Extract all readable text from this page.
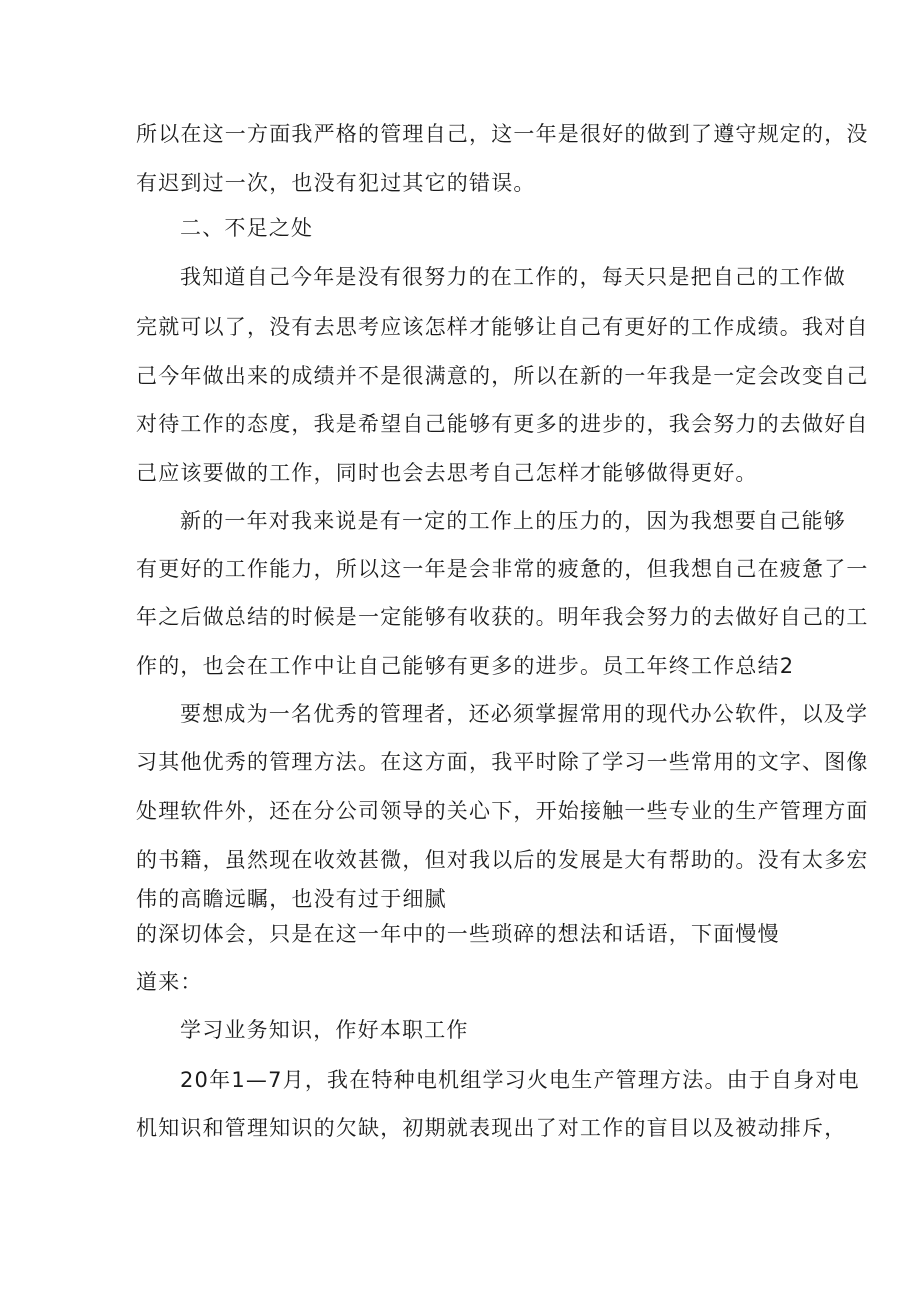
所以在这一方面我严格的管理自己，这一年是很好的做到了遵守规定的，没
有迟到过一次，也没有犯过其它的错误。
二、不足之处
我知道自己今年是没有很努力的在工作的，每天只是把自己的工作做
完就可以了，没有去思考应该怎样才能够让自己有更好的工作成绩。我对自
己今年做出来的成绩并不是很满意的，所以在新的一年我是一定会改变自己
对待工作的态度，我是希望自己能够有更多的进步的，我会努力的去做好自
己应该要做的工作，同时也会去思考自己怎样才能够做得更好。
新的一年对我来说是有一定的工作上的压力的，因为我想要自己能够
有更好的工作能力，所以这一年是会非常的疲惫的，但我想自己在疲惫了一
年之后做总结的时候是一定能够有收获的。明年我会努力的去做好自己的工
作的，也会在工作中让自己能够有更多的进步。员工年终工作总结2
要想成为一名优秀的管理者，还必须掌握常用的现代办公软件，以及学
习其他优秀的管理方法。在这方面，我平时除了学习一些常用的文字、图像
处理软件外，还在分公司领导的关心下，开始接触一些专业的生产管理方面
的书籍，虽然现在收效甚微，但对我以后的发展是大有帮助的。没有太多宏
伟的高瞻远瞩，也没有过于细腻
的深切体会，只是在这一年中的一些琐碎的想法和话语，下面慢慢
道来：
学习业务知识，作好本职工作
20年1—7月，我在特种电机组学习火电生产管理方法。由于自身对电
机知识和管理知识的欠缺，初期就表现出了对工作的盲目以及被动排斥，
